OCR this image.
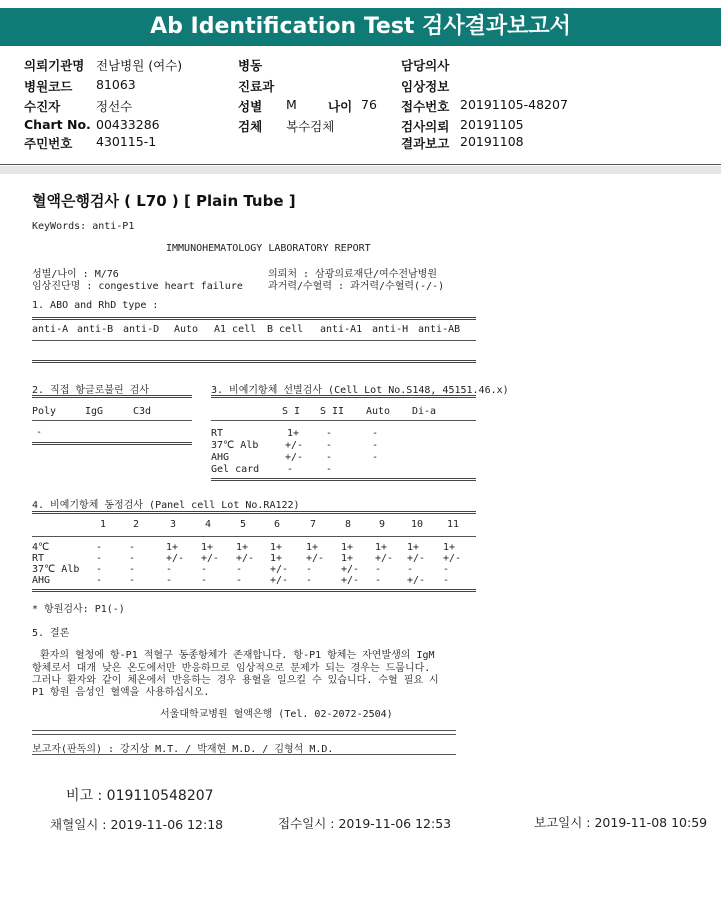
Ab Identification Test 검사결과보고서
의뢰기관명 전남병원 (여수)
병원코드 81063
수진자	정선수
Chart No. 00433286
주민번호 430115-1
병동
진료과
성별 M 나이 76
검체 복수검체
담당의사
임상정보
접수번호 20191105-48207
검사의뢰 20191105
결과보고 20191108
혈액은행검사 ( L70 ) [ Plain Tube ]
KeyWords: anti-P1
IMMUNOHEMATOLOGY LABORATORY REPORT
성별/나이 : M/76
임상진단명 : congestive heart failure
의뢰처 : 삼광의료재단/여수전남병원
과거력/수혈력 : 과거력/수혈력(-/-)
1. ABO and RhD type :
anti-A anti-B anti-D Auto A1 cell B cell anti-A1 anti-H anti-AB
2. 직접 항글로불린 검사
Poly	IgG	C3d
-
3. 비예기항체 선별검사 (Cell Lot No.S148, 45151.46.x)
S I S II Auto Di-a
RT	1+	-	-
37℃ Alb	+/- -	-
AHG	+/- -	-
Gel card	-	-
4. 비예기항체 동정검사 (Panel cell Lot No.RA122)
1	2	3	4	5	6	7	8	9	10 11
4℃	-	-	1+ 1+ 1+ 1+ 1+ 1+ 1+ 1+ 1+
RT	-	-	+/- +/- +/- 1+ +/- 1+ +/- +/- +/-
37℃ Alb -	-	-	-	-	+/- -	+/- -	-	-
AHG	-	-	-	-	-	+/- -	+/- -	+/- -
* 항원검사: P1(-)
5. 결론
환자의 혈청에 항-P1 적혈구 동종항체가 존재합니다. 항-P1 항체는 자연발생의 IgM
항체로서 대개 낮은 온도에서만 반응하므로 임상적으로 문제가 되는 경우는 드뭅니다.
그러나 환자와 같이 체온에서 반응하는 경우 용혈을 일으킬 수 있습니다. 수혈 필요 시
P1 항원 음성인 혈액을 사용하십시오.
서울대학교병원 혈액은행 (Tel. 02-2072-2504)
보고자(판독의) : 강지상 M.T. / 박재현 M.D. / 김형석 M.D.
비고 : 019110548207
채혈일시 : 2019-11-06 12:18	접수일시 : 2019-11-06 12:53	보고일시 : 2019-11-08 10:59
